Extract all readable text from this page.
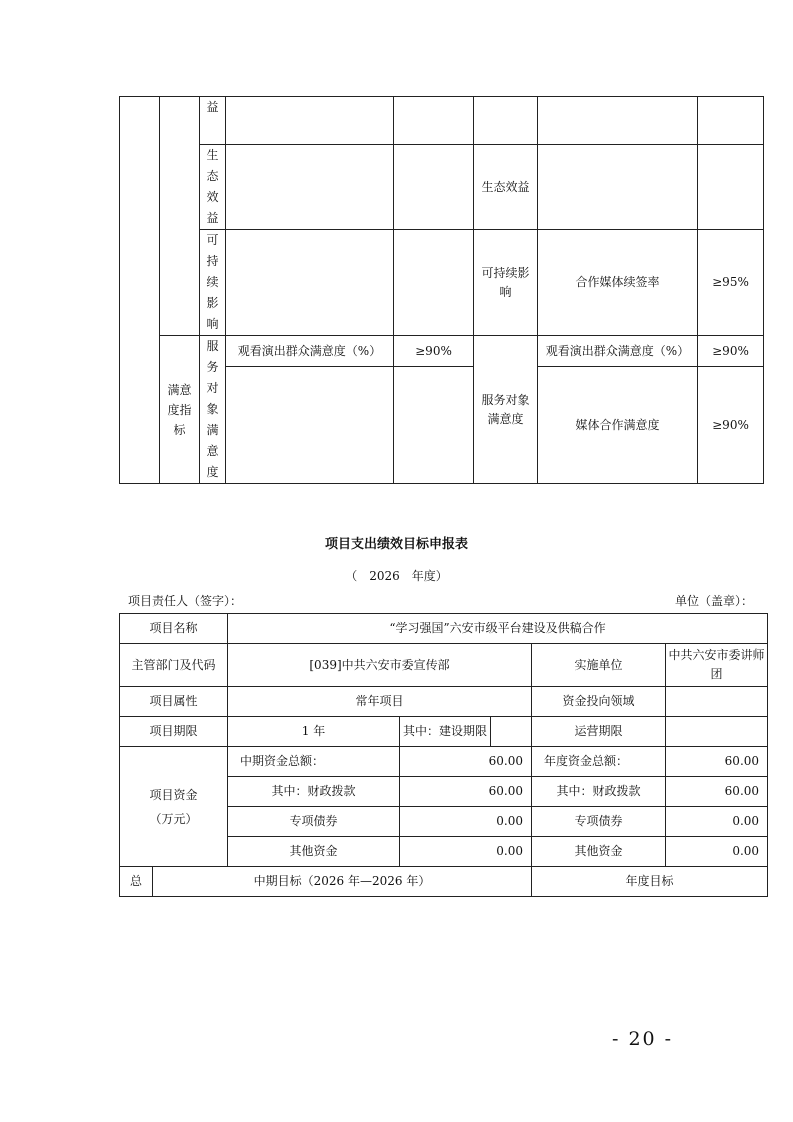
		益					

		生态效益			生态效益		

		可持续影响			可持续影响	合作媒体续签率	≥95%

	满意度指标	服务对象满意度	观看演出群众满意度（%）	≥90%	服务对象满意度	观看演出群众满意度（%）	≥90%
						媒体合作满意度	≥90%
项目支出绩效目标申报表
（　2026　年度）
项目责任人（签字）：	单位（盖章）：
项目名称		“学习强国”六安市级平台建设及供稿合作				
主管部门及代码		[039]中共六安市委宣传部			实施单位	中共六安市委讲师团
项目属性		常年项目			资金投向领域	
项目期限		1 年	其中：建设期限		运营期限	

项目资金（万元）		中期资金总额：	60.00		年度资金总额：	60.00
		其中：财政拨款	60.00		其中：财政拨款	60.00
		专项债券	0.00		专项债券	0.00
		其他资金	0.00		其他资金	0.00
总	中期目标（2026 年—2026 年）				年度目标	
- 20 -
